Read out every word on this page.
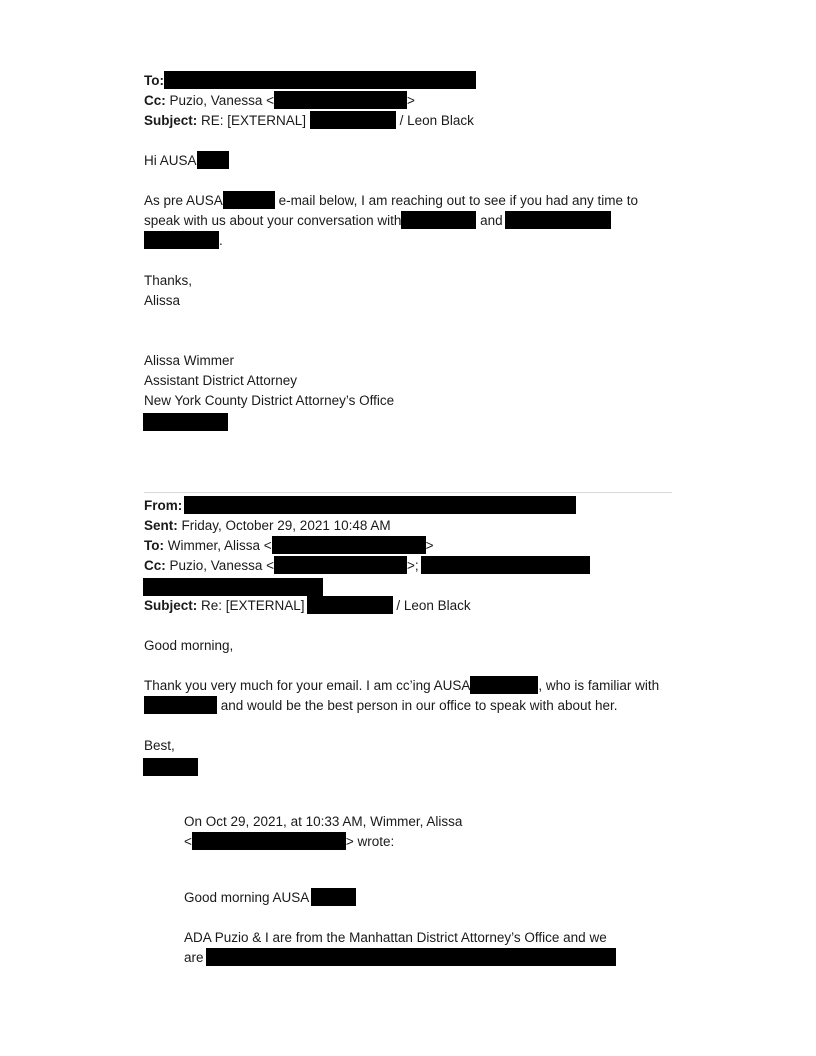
To:
Cc: Puzio, Vanessa <	>
Subject: RE: [EXTERNAL]	/ Leon Black
Hi AUSA
As pre AUSA	e-mail below, I am reaching out to see if you had any time to
speak with us about your conversation with	and
.
Thanks,
Alissa
Alissa Wimmer
Assistant District Attorney
New York County District Attorney’s Office
From:
Sent: Friday, October 29, 2021 10:48 AM
To: Wimmer, Alissa <	>
Cc: Puzio, Vanessa <	>;
Subject: Re: [EXTERNAL]	/ Leon Black
Good morning,
Thank you very much for your email. I am cc’ing AUSA	, who is familiar with
and would be the best person in our office to speak with about her.
Best,
On Oct 29, 2021, at 10:33 AM, Wimmer, Alissa
<	> wrote:
Good morning AUSA
ADA Puzio & I are from the Manhattan District Attorney’s Office and we
are
